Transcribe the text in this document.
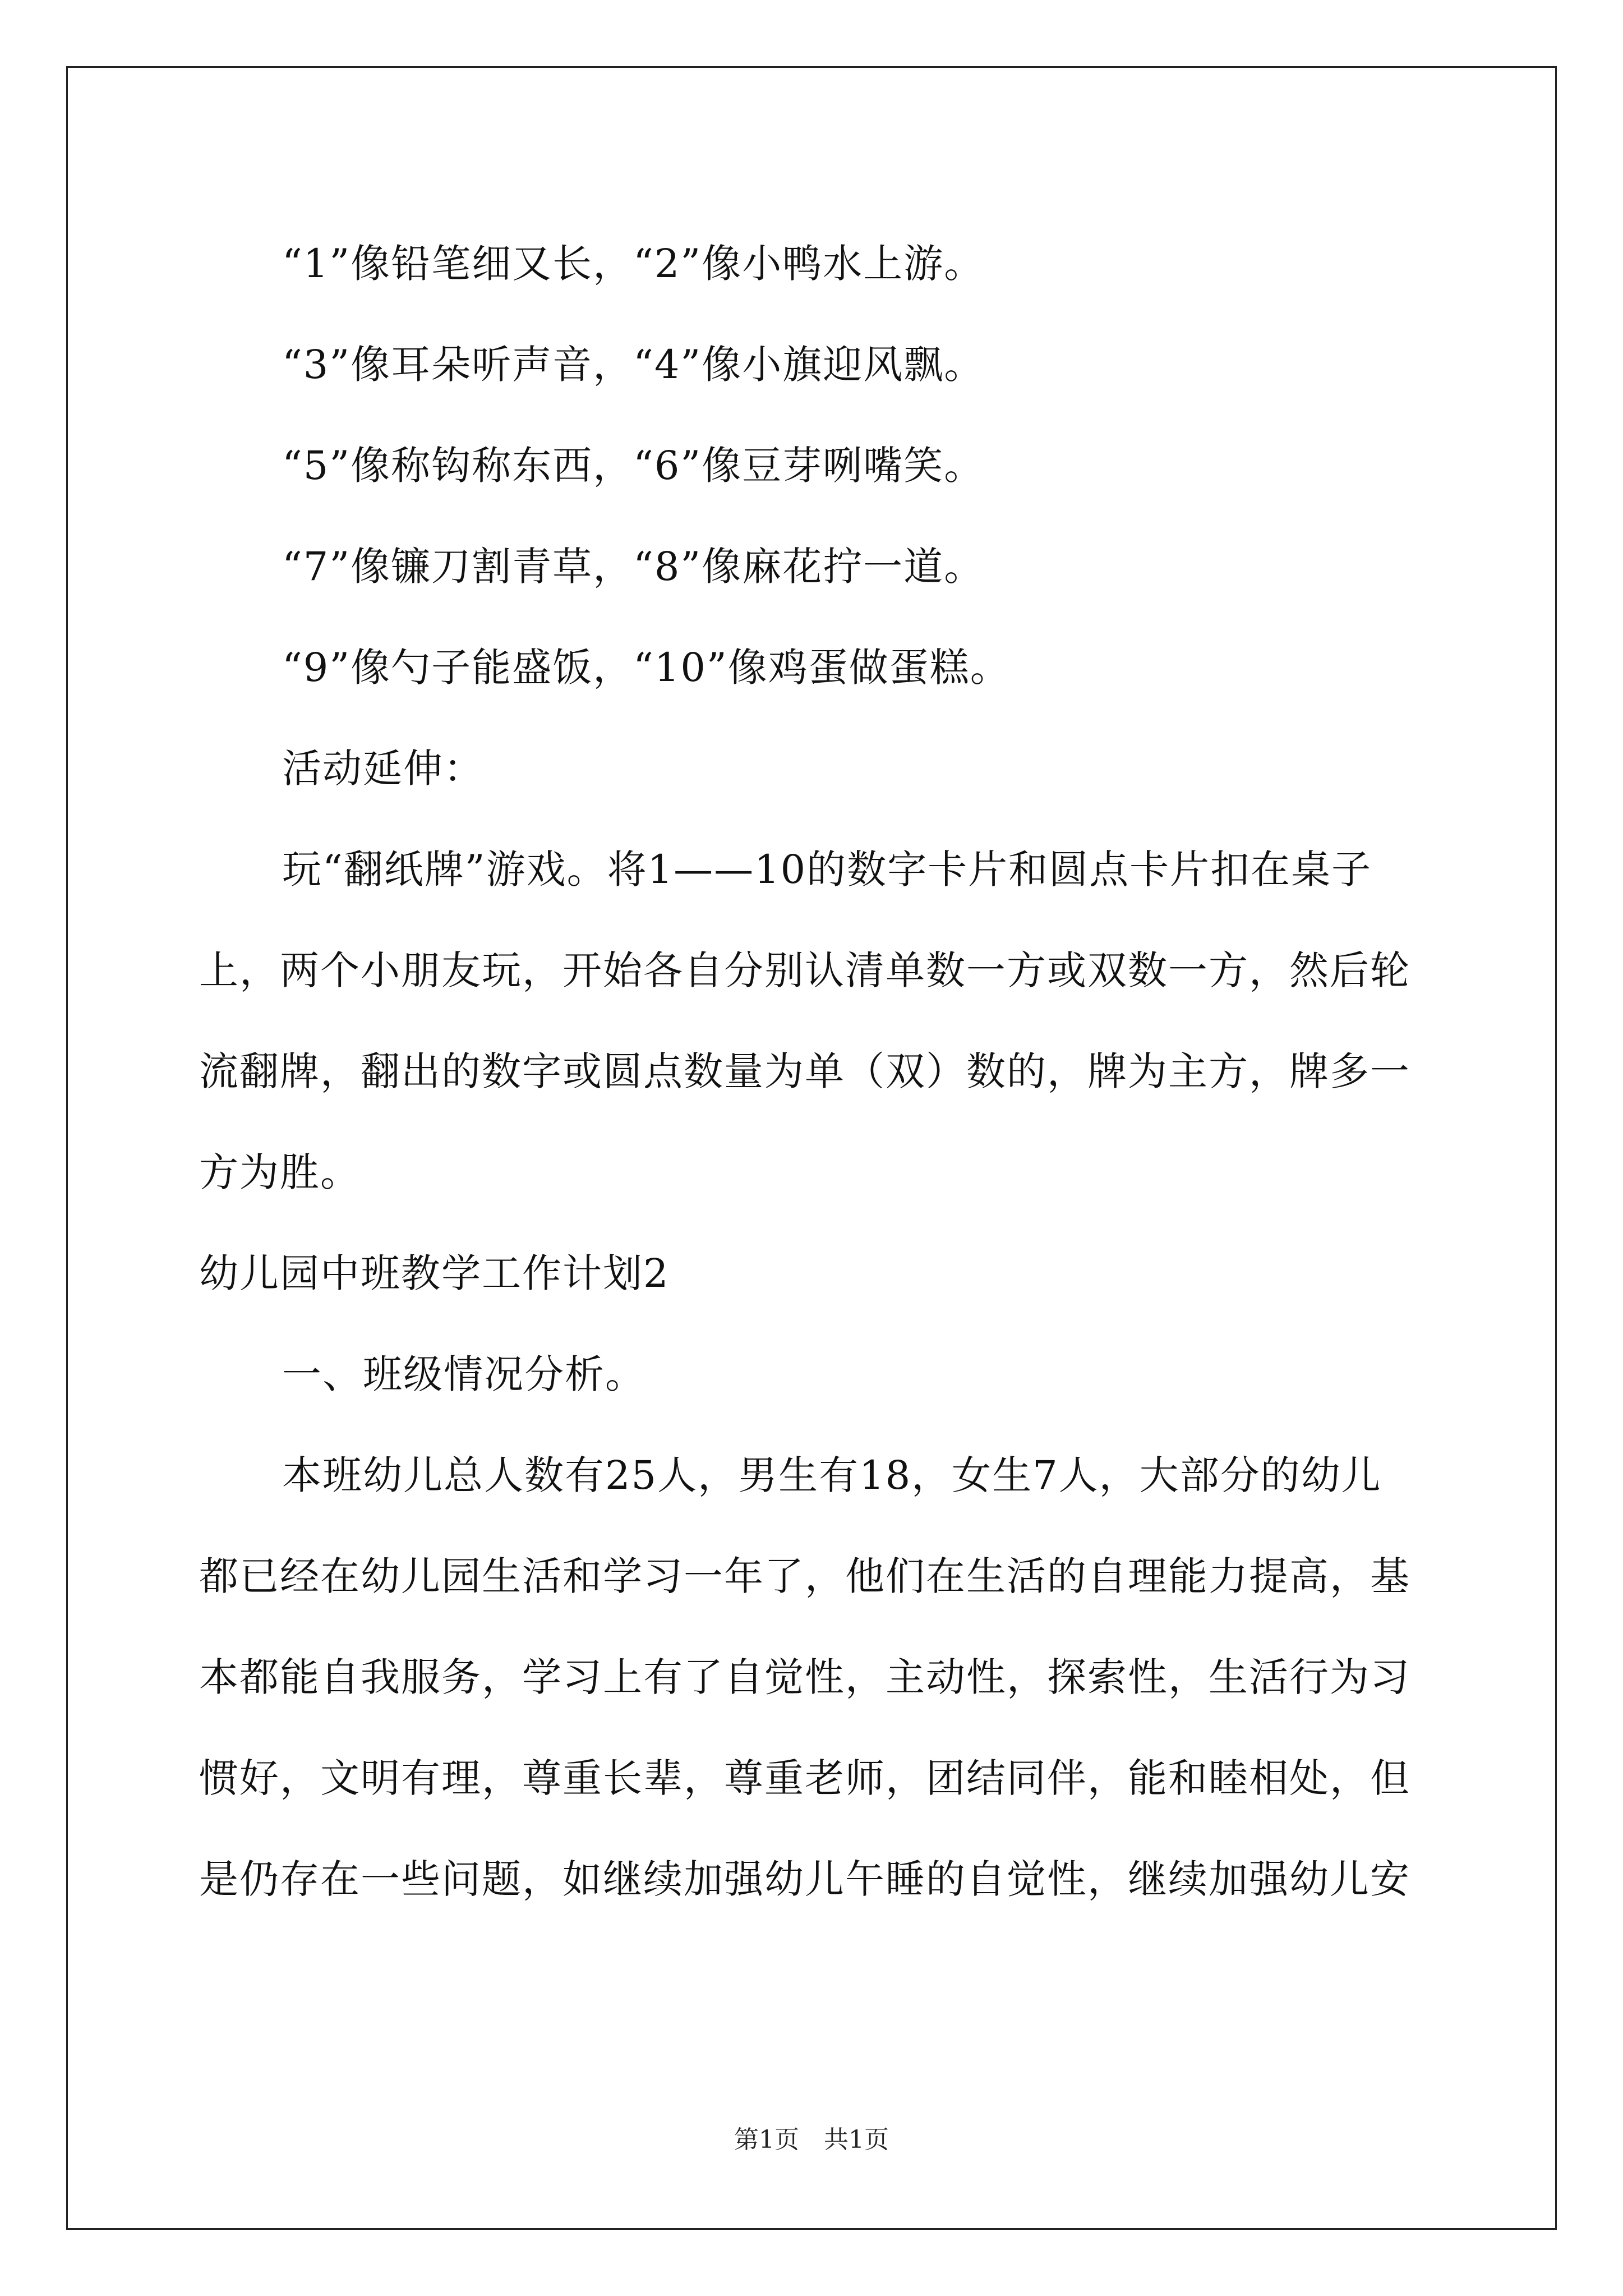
“1”像铅笔细又长，“2”像小鸭水上游。
“3”像耳朵听声音，“4”像小旗迎风飘。
“5”像称钩称东西，“6”像豆芽咧嘴笑。
“7”像镰刀割青草，“8”像麻花拧一道。
“9”像勺子能盛饭，“10”像鸡蛋做蛋糕。
活动延伸：
玩“翻纸牌”游戏。将1——10的数字卡片和圆点卡片扣在桌子
上，两个小朋友玩，开始各自分别认清单数一方或双数一方，然后轮
流翻牌，翻出的数字或圆点数量为单（双）数的，牌为主方，牌多一
方为胜。
幼儿园中班教学工作计划2
一、班级情况分析。
本班幼儿总人数有25人，男生有18，女生7人，大部分的幼儿
都已经在幼儿园生活和学习一年了，他们在生活的自理能力提高，基
本都能自我服务，学习上有了自觉性，主动性，探索性，生活行为习
惯好，文明有理，尊重长辈，尊重老师，团结同伴，能和睦相处，但
是仍存在一些问题，如继续加强幼儿午睡的自觉性，继续加强幼儿安
第1页　共1页
